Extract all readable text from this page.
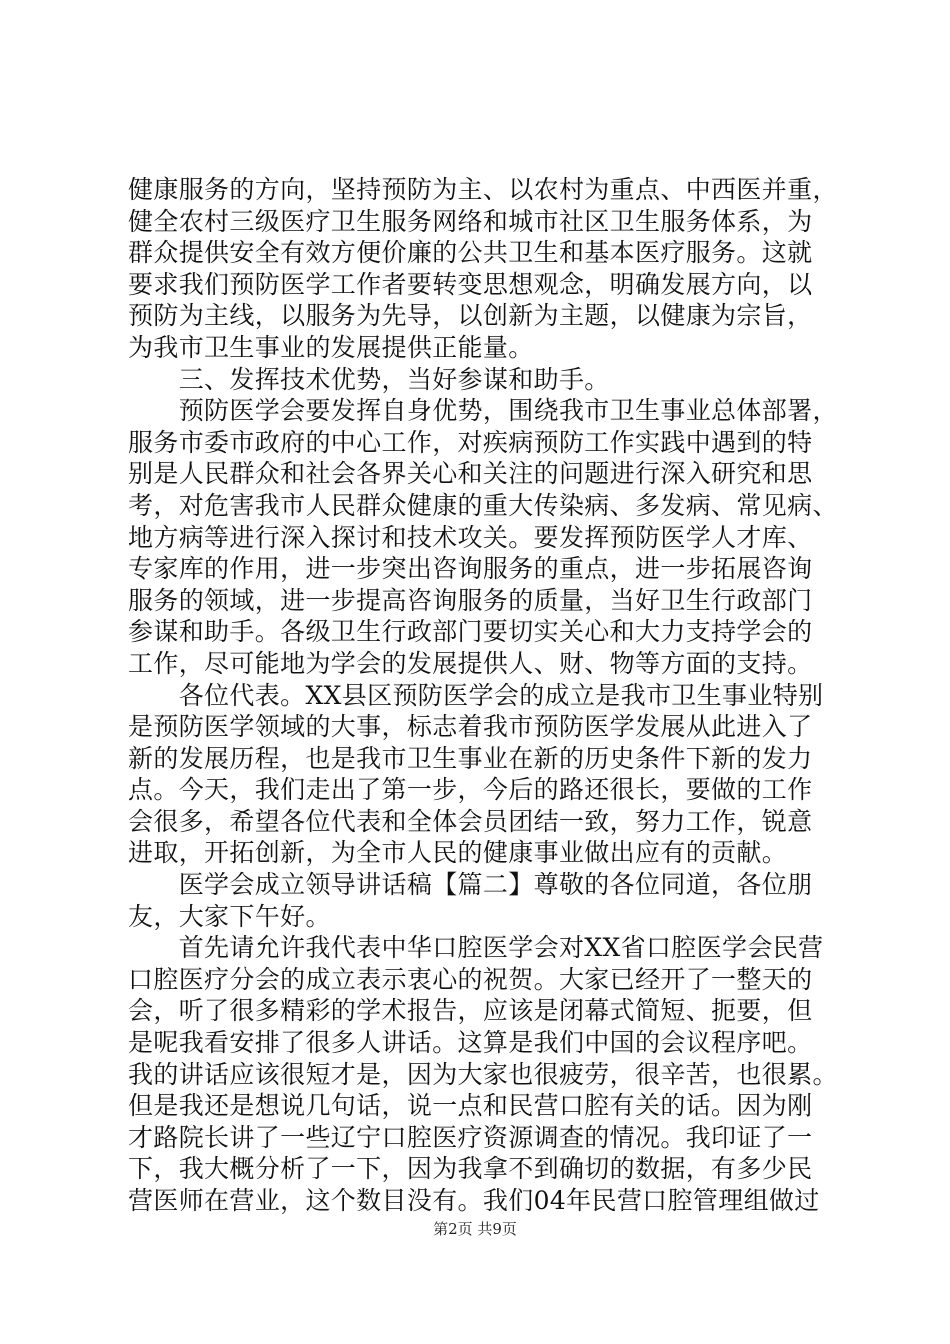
健康服务的方向，坚持预防为主、以农村为重点、中西医并重，
健全农村三级医疗卫生服务网络和城市社区卫生服务体系，为
群众提供安全有效方便价廉的公共卫生和基本医疗服务。这就
要求我们预防医学工作者要转变思想观念，明确发展方向，以
预防为主线，以服务为先导，以创新为主题，以健康为宗旨，
为我市卫生事业的发展提供正能量。
　　三、发挥技术优势，当好参谋和助手。
　　预防医学会要发挥自身优势，围绕我市卫生事业总体部署，
服务市委市政府的中心工作，对疾病预防工作实践中遇到的特
别是人民群众和社会各界关心和关注的问题进行深入研究和思
考，对危害我市人民群众健康的重大传染病、多发病、常见病、
地方病等进行深入探讨和技术攻关。要发挥预防医学人才库、
专家库的作用，进一步突出咨询服务的重点，进一步拓展咨询
服务的领域，进一步提高咨询服务的质量，当好卫生行政部门
参谋和助手。各级卫生行政部门要切实关心和大力支持学会的
工作，尽可能地为学会的发展提供人、财、物等方面的支持。
　　各位代表。XX县区预防医学会的成立是我市卫生事业特别
是预防医学领域的大事，标志着我市预防医学发展从此进入了
新的发展历程，也是我市卫生事业在新的历史条件下新的发力
点。今天，我们走出了第一步，今后的路还很长，要做的工作
会很多，希望各位代表和全体会员团结一致，努力工作，锐意
进取，开拓创新，为全市人民的健康事业做出应有的贡献。
　　医学会成立领导讲话稿【篇二】尊敬的各位同道，各位朋
友，大家下午好。
　　首先请允许我代表中华口腔医学会对XX省口腔医学会民营
口腔医疗分会的成立表示衷心的祝贺。大家已经开了一整天的
会，听了很多精彩的学术报告，应该是闭幕式简短、扼要，但
是呢我看安排了很多人讲话。这算是我们中国的会议程序吧。
我的讲话应该很短才是，因为大家也很疲劳，很辛苦，也很累。
但是我还是想说几句话，说一点和民营口腔有关的话。因为刚
才路院长讲了一些辽宁口腔医疗资源调查的情况。我印证了一
下，我大概分析了一下，因为我拿不到确切的数据，有多少民
营医师在营业，这个数目没有。我们04年民营口腔管理组做过
第2页 共9页
